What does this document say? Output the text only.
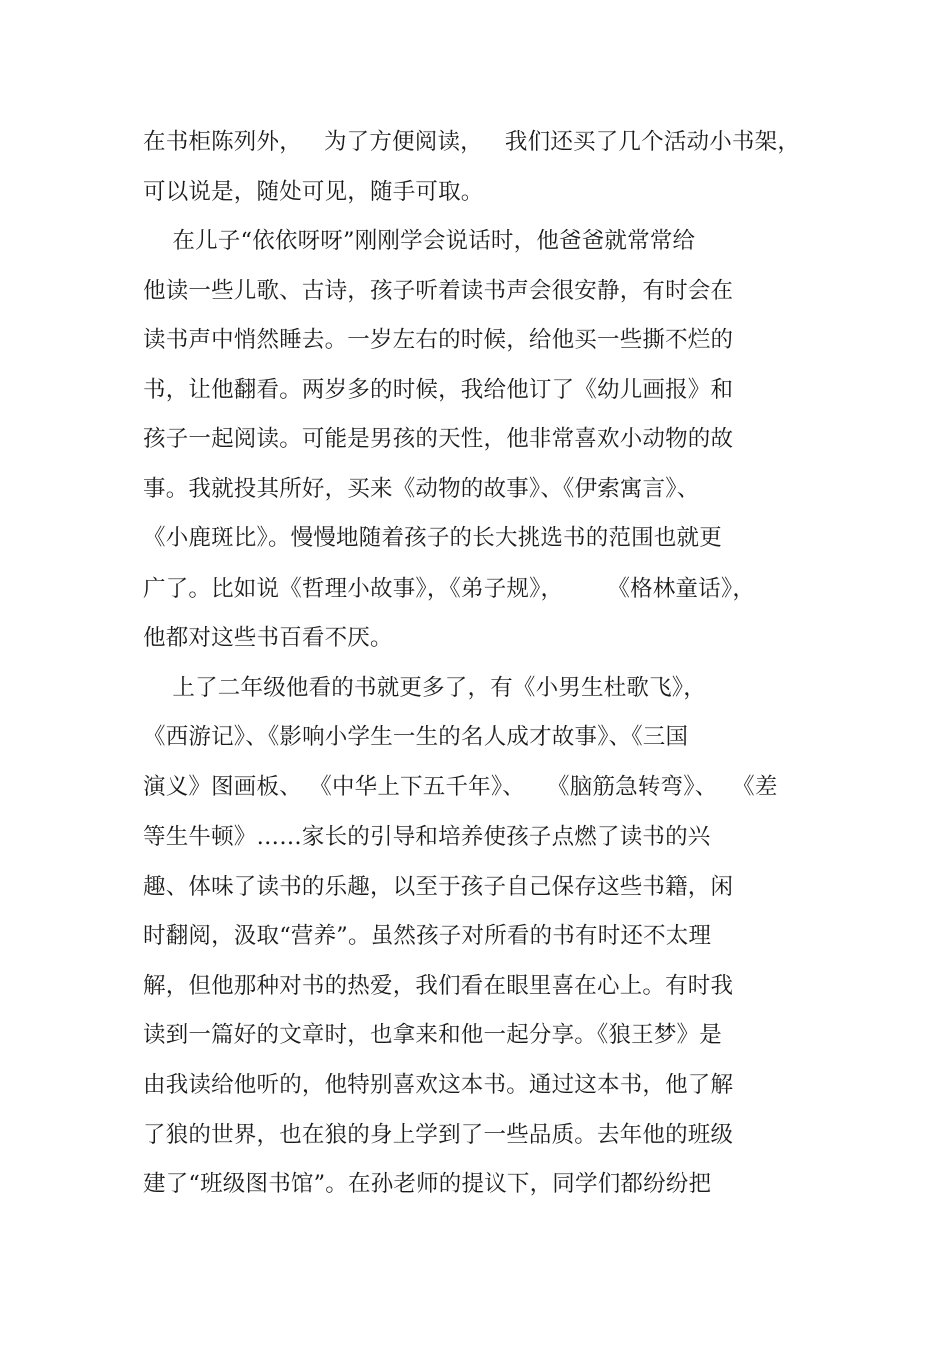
在书柜陈列外，   为了方便阅读，   我们还买了几个活动小书架，
可以说是，随处可见，随手可取。
在儿子“依依呀呀”刚刚学会说话时，他爸爸就常常给
他读一些儿歌、古诗，孩子听着读书声会很安静，有时会在
读书声中悄然睡去。一岁左右的时候，给他买一些撕不烂的
书，让他翻看。两岁多的时候，我给他订了《幼儿画报》和
孩子一起阅读。可能是男孩的天性，他非常喜欢小动物的故
事。我就投其所好，买来《动物的故事》、《伊索寓言》、
《小鹿斑比》。慢慢地随着孩子的长大挑选书的范围也就更
广了。比如说《哲理小故事》，《弟子规》，      《格林童话》，
他都对这些书百看不厌。
上了二年级他看的书就更多了，有《小男生杜歌飞》，
《西游记》、《影响小学生一生的名人成才故事》、《三国
演义》图画板、 《中华上下五千年》、   《脑筋急转弯》、  《差
等生牛顿》……家长的引导和培养使孩子点燃了读书的兴
趣、体味了读书的乐趣，以至于孩子自己保存这些书籍，闲
时翻阅，汲取“营养”。虽然孩子对所看的书有时还不太理
解，但他那种对书的热爱，我们看在眼里喜在心上。有时我
读到一篇好的文章时，也拿来和他一起分享。《狼王梦》是
由我读给他听的，他特别喜欢这本书。通过这本书，他了解
了狼的世界，也在狼的身上学到了一些品质。去年他的班级
建了“班级图书馆”。在孙老师的提议下，同学们都纷纷把
